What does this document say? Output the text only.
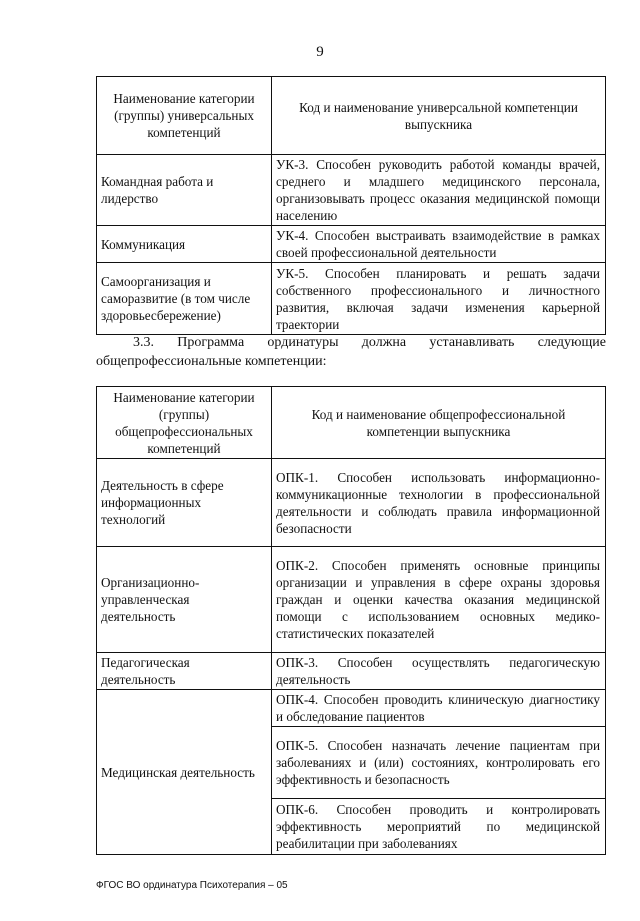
9
Наименование категории (группы) универсальных компетенций	Код и наименование универсальной компетенции выпускника
Командная работа и лидерство	УК-3. Способен руководить работой команды врачей, среднего и младшего медицинского персонала, организовывать процесс оказания медицинской помощи населению
Коммуникация	УК-4. Способен выстраивать взаимодействие в рамках своей профессиональной деятельности
Самоорганизация и саморазвитие (в том числе здоровьесбережение)	УК-5. Способен планировать и решать задачи собственного профессионального и личностного развития, включая задачи изменения карьерной траектории
3.3. Программа ординатуры должна устанавливать следующие
общепрофессиональные компетенции:
Наименование категории (группы) общепрофессиональных компетенций	Код и наименование общепрофессиональной компетенции выпускника
Деятельность в сфере информационных технологий	ОПК-1. Способен использовать информационно-коммуникационные технологии в профессиональной деятельности и соблюдать правила информационной безопасности
Организационно-управленческая деятельность	ОПК-2. Способен применять основные принципы организации и управления в сфере охраны здоровья граждан и оценки качества оказания медицинской помощи с использованием основных медико-статистических показателей
Педагогическая деятельность	ОПК-3. Способен осуществлять педагогическую деятельность
Медицинская деятельность	ОПК-4. Способен проводить клиническую диагностику и обследование пациентов
	ОПК-5. Способен назначать лечение пациентам при заболеваниях и (или) состояниях, контролировать его эффективность и безопасность
	ОПК-6. Способен проводить и контролировать эффективность мероприятий по медицинской реабилитации при заболеваниях
ФГОС ВО ординатура Психотерапия – 05
